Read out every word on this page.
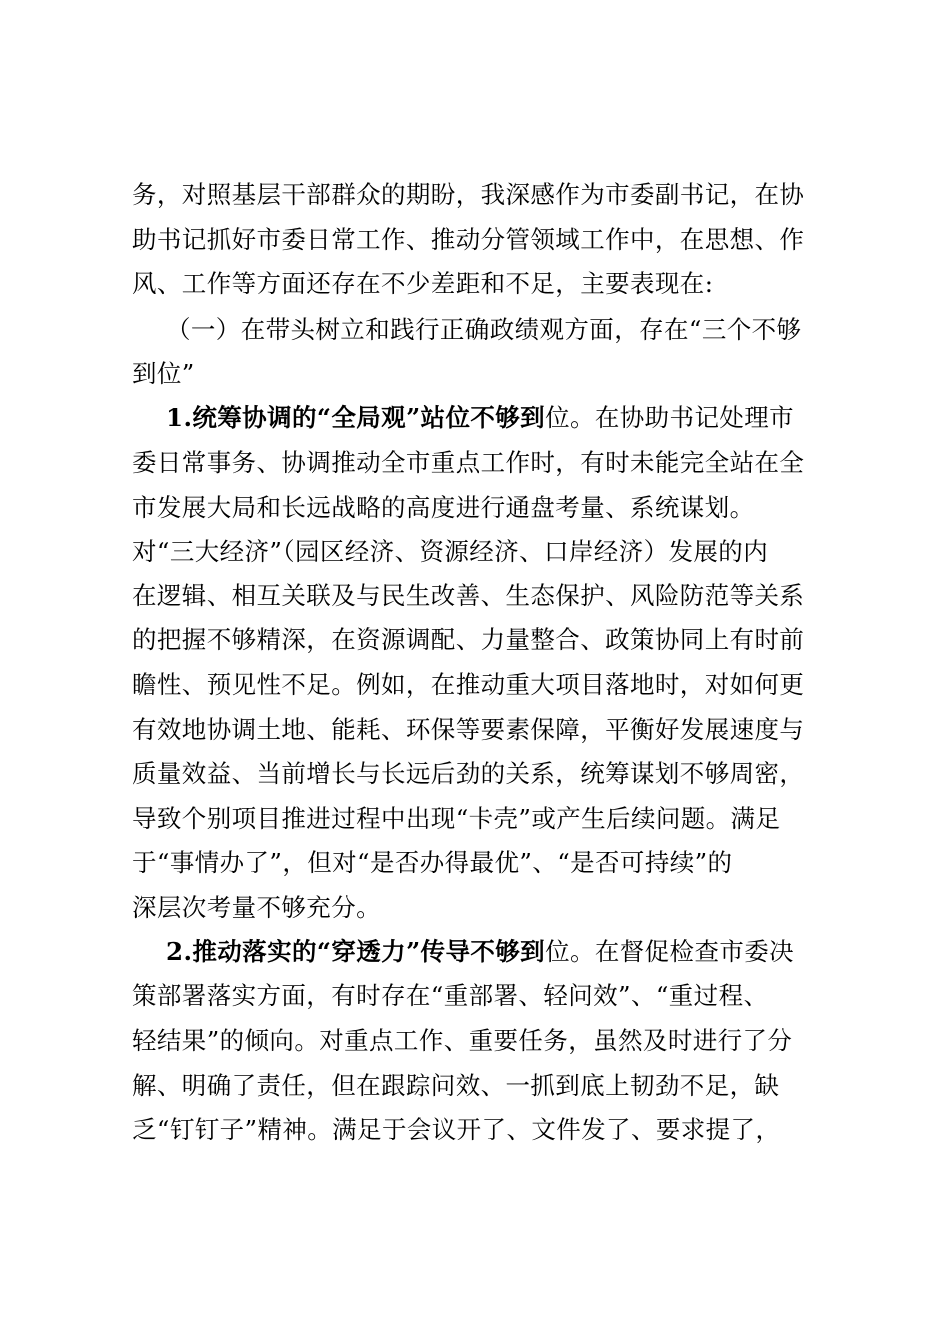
务，对照基层干部群众的期盼，我深感作为市委副书记，在协
助书记抓好市委日常工作、推动分管领域工作中，在思想、作
风、工作等方面还存在不少差距和不足，主要表现在:
（一）在带头树立和践行正确政绩观方面，存在“三个不够
到位”
1.统筹协调的“全局观”站位不够到位。在协助书记处理市
委日常事务、协调推动全市重点工作时，有时未能完全站在全
市发展大局和长远战略的高度进行通盘考量、系统谋划。
对“三大经济”（园区经济、资源经济、口岸经济）发展的内
在逻辑、相互关联及与民生改善、生态保护、风险防范等关系
的把握不够精深，在资源调配、力量整合、政策协同上有时前
瞻性、预见性不足。例如，在推动重大项目落地时，对如何更
有效地协调土地、能耗、环保等要素保障，平衡好发展速度与
质量效益、当前增长与长远后劲的关系，统筹谋划不够周密，
导致个别项目推进过程中出现“卡壳”或产生后续问题。满足
于“事情办了”，但对“是否办得最优”、“是否可持续”的
深层次考量不够充分。
2.推动落实的“穿透力”传导不够到位。在督促检查市委决
策部署落实方面，有时存在“重部署、轻问效”、“重过程、
轻结果”的倾向。对重点工作、重要任务，虽然及时进行了分
解、明确了责任，但在跟踪问效、一抓到底上韧劲不足，缺
乏“钉钉子”精神。满足于会议开了、文件发了、要求提了，
